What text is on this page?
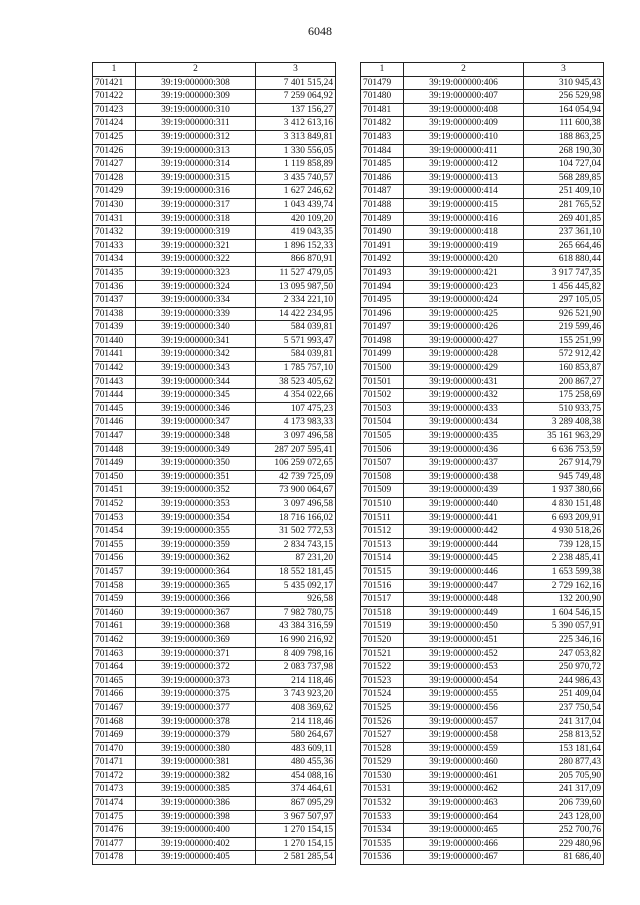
6048
1	2	3
701421	39:19:000000:308	7 401 515,24
701422	39:19:000000:309	7 259 064,92
701423	39:19:000000:310	137 156,27
701424	39:19:000000:311	3 412 613,16
701425	39:19:000000:312	3 313 849,81
701426	39:19:000000:313	1 330 556,05
701427	39:19:000000:314	1 119 858,89
701428	39:19:000000:315	3 435 740,57
701429	39:19:000000:316	1 627 246,62
701430	39:19:000000:317	1 043 439,74
701431	39:19:000000:318	420 109,20
701432	39:19:000000:319	419 043,35
701433	39:19:000000:321	1 896 152,33
701434	39:19:000000:322	866 870,91
701435	39:19:000000:323	11 527 479,05
701436	39:19:000000:324	13 095 987,50
701437	39:19:000000:334	2 334 221,10
701438	39:19:000000:339	14 422 234,95
701439	39:19:000000:340	584 039,81
701440	39:19:000000:341	5 571 993,47
701441	39:19:000000:342	584 039,81
701442	39:19:000000:343	1 785 757,10
701443	39:19:000000:344	38 523 405,62
701444	39:19:000000:345	4 354 022,66
701445	39:19:000000:346	107 475,23
701446	39:19:000000:347	4 173 983,33
701447	39:19:000000:348	3 097 496,58
701448	39:19:000000:349	287 207 595,41
701449	39:19:000000:350	106 259 072,65
701450	39:19:000000:351	42 739 725,09
701451	39:19:000000:352	73 900 064,67
701452	39:19:000000:353	3 097 496,58
701453	39:19:000000:354	18 716 166,02
701454	39:19:000000:355	31 502 772,53
701455	39:19:000000:359	2 834 743,15
701456	39:19:000000:362	87 231,20
701457	39:19:000000:364	18 552 181,45
701458	39:19:000000:365	5 435 092,17
701459	39:19:000000:366	926,58
701460	39:19:000000:367	7 982 780,75
701461	39:19:000000:368	43 384 316,59
701462	39:19:000000:369	16 990 216,92
701463	39:19:000000:371	8 409 798,16
701464	39:19:000000:372	2 083 737,98
701465	39:19:000000:373	214 118,46
701466	39:19:000000:375	3 743 923,20
701467	39:19:000000:377	408 369,62
701468	39:19:000000:378	214 118,46
701469	39:19:000000:379	580 264,67
701470	39:19:000000:380	483 609,11
701471	39:19:000000:381	480 455,36
701472	39:19:000000:382	454 088,16
701473	39:19:000000:385	374 464,61
701474	39:19:000000:386	867 095,29
701475	39:19:000000:398	3 967 507,97
701476	39:19:000000:400	1 270 154,15
701477	39:19:000000:402	1 270 154,15
701478	39:19:000000:405	2 581 285,54
1	2	3
701479	39:19:000000:406	310 945,43
701480	39:19:000000:407	256 529,98
701481	39:19:000000:408	164 054,94
701482	39:19:000000:409	111 600,38
701483	39:19:000000:410	188 863,25
701484	39:19:000000:411	268 190,30
701485	39:19:000000:412	104 727,04
701486	39:19:000000:413	568 289,85
701487	39:19:000000:414	251 409,10
701488	39:19:000000:415	281 765,52
701489	39:19:000000:416	269 401,85
701490	39:19:000000:418	237 361,10
701491	39:19:000000:419	265 664,46
701492	39:19:000000:420	618 880,44
701493	39:19:000000:421	3 917 747,35
701494	39:19:000000:423	1 456 445,82
701495	39:19:000000:424	297 105,05
701496	39:19:000000:425	926 521,90
701497	39:19:000000:426	219 599,46
701498	39:19:000000:427	155 251,99
701499	39:19:000000:428	572 912,42
701500	39:19:000000:429	160 853,87
701501	39:19:000000:431	200 867,27
701502	39:19:000000:432	175 258,69
701503	39:19:000000:433	510 933,75
701504	39:19:000000:434	3 289 408,38
701505	39:19:000000:435	35 161 963,29
701506	39:19:000000:436	6 636 753,59
701507	39:19:000000:437	267 914,79
701508	39:19:000000:438	945 749,48
701509	39:19:000000:439	1 937 380,66
701510	39:19:000000:440	4 830 151,48
701511	39:19:000000:441	6 693 209,91
701512	39:19:000000:442	4 930 518,26
701513	39:19:000000:444	739 128,15
701514	39:19:000000:445	2 238 485,41
701515	39:19:000000:446	1 653 599,38
701516	39:19:000000:447	2 729 162,16
701517	39:19:000000:448	132 200,90
701518	39:19:000000:449	1 604 546,15
701519	39:19:000000:450	5 390 057,91
701520	39:19:000000:451	225 346,16
701521	39:19:000000:452	247 053,82
701522	39:19:000000:453	250 970,72
701523	39:19:000000:454	244 986,43
701524	39:19:000000:455	251 409,04
701525	39:19:000000:456	237 750,54
701526	39:19:000000:457	241 317,04
701527	39:19:000000:458	258 813,52
701528	39:19:000000:459	153 181,64
701529	39:19:000000:460	280 877,43
701530	39:19:000000:461	205 705,90
701531	39:19:000000:462	241 317,09
701532	39:19:000000:463	206 739,60
701533	39:19:000000:464	243 128,00
701534	39:19:000000:465	252 700,76
701535	39:19:000000:466	229 480,96
701536	39:19:000000:467	81 686,40
